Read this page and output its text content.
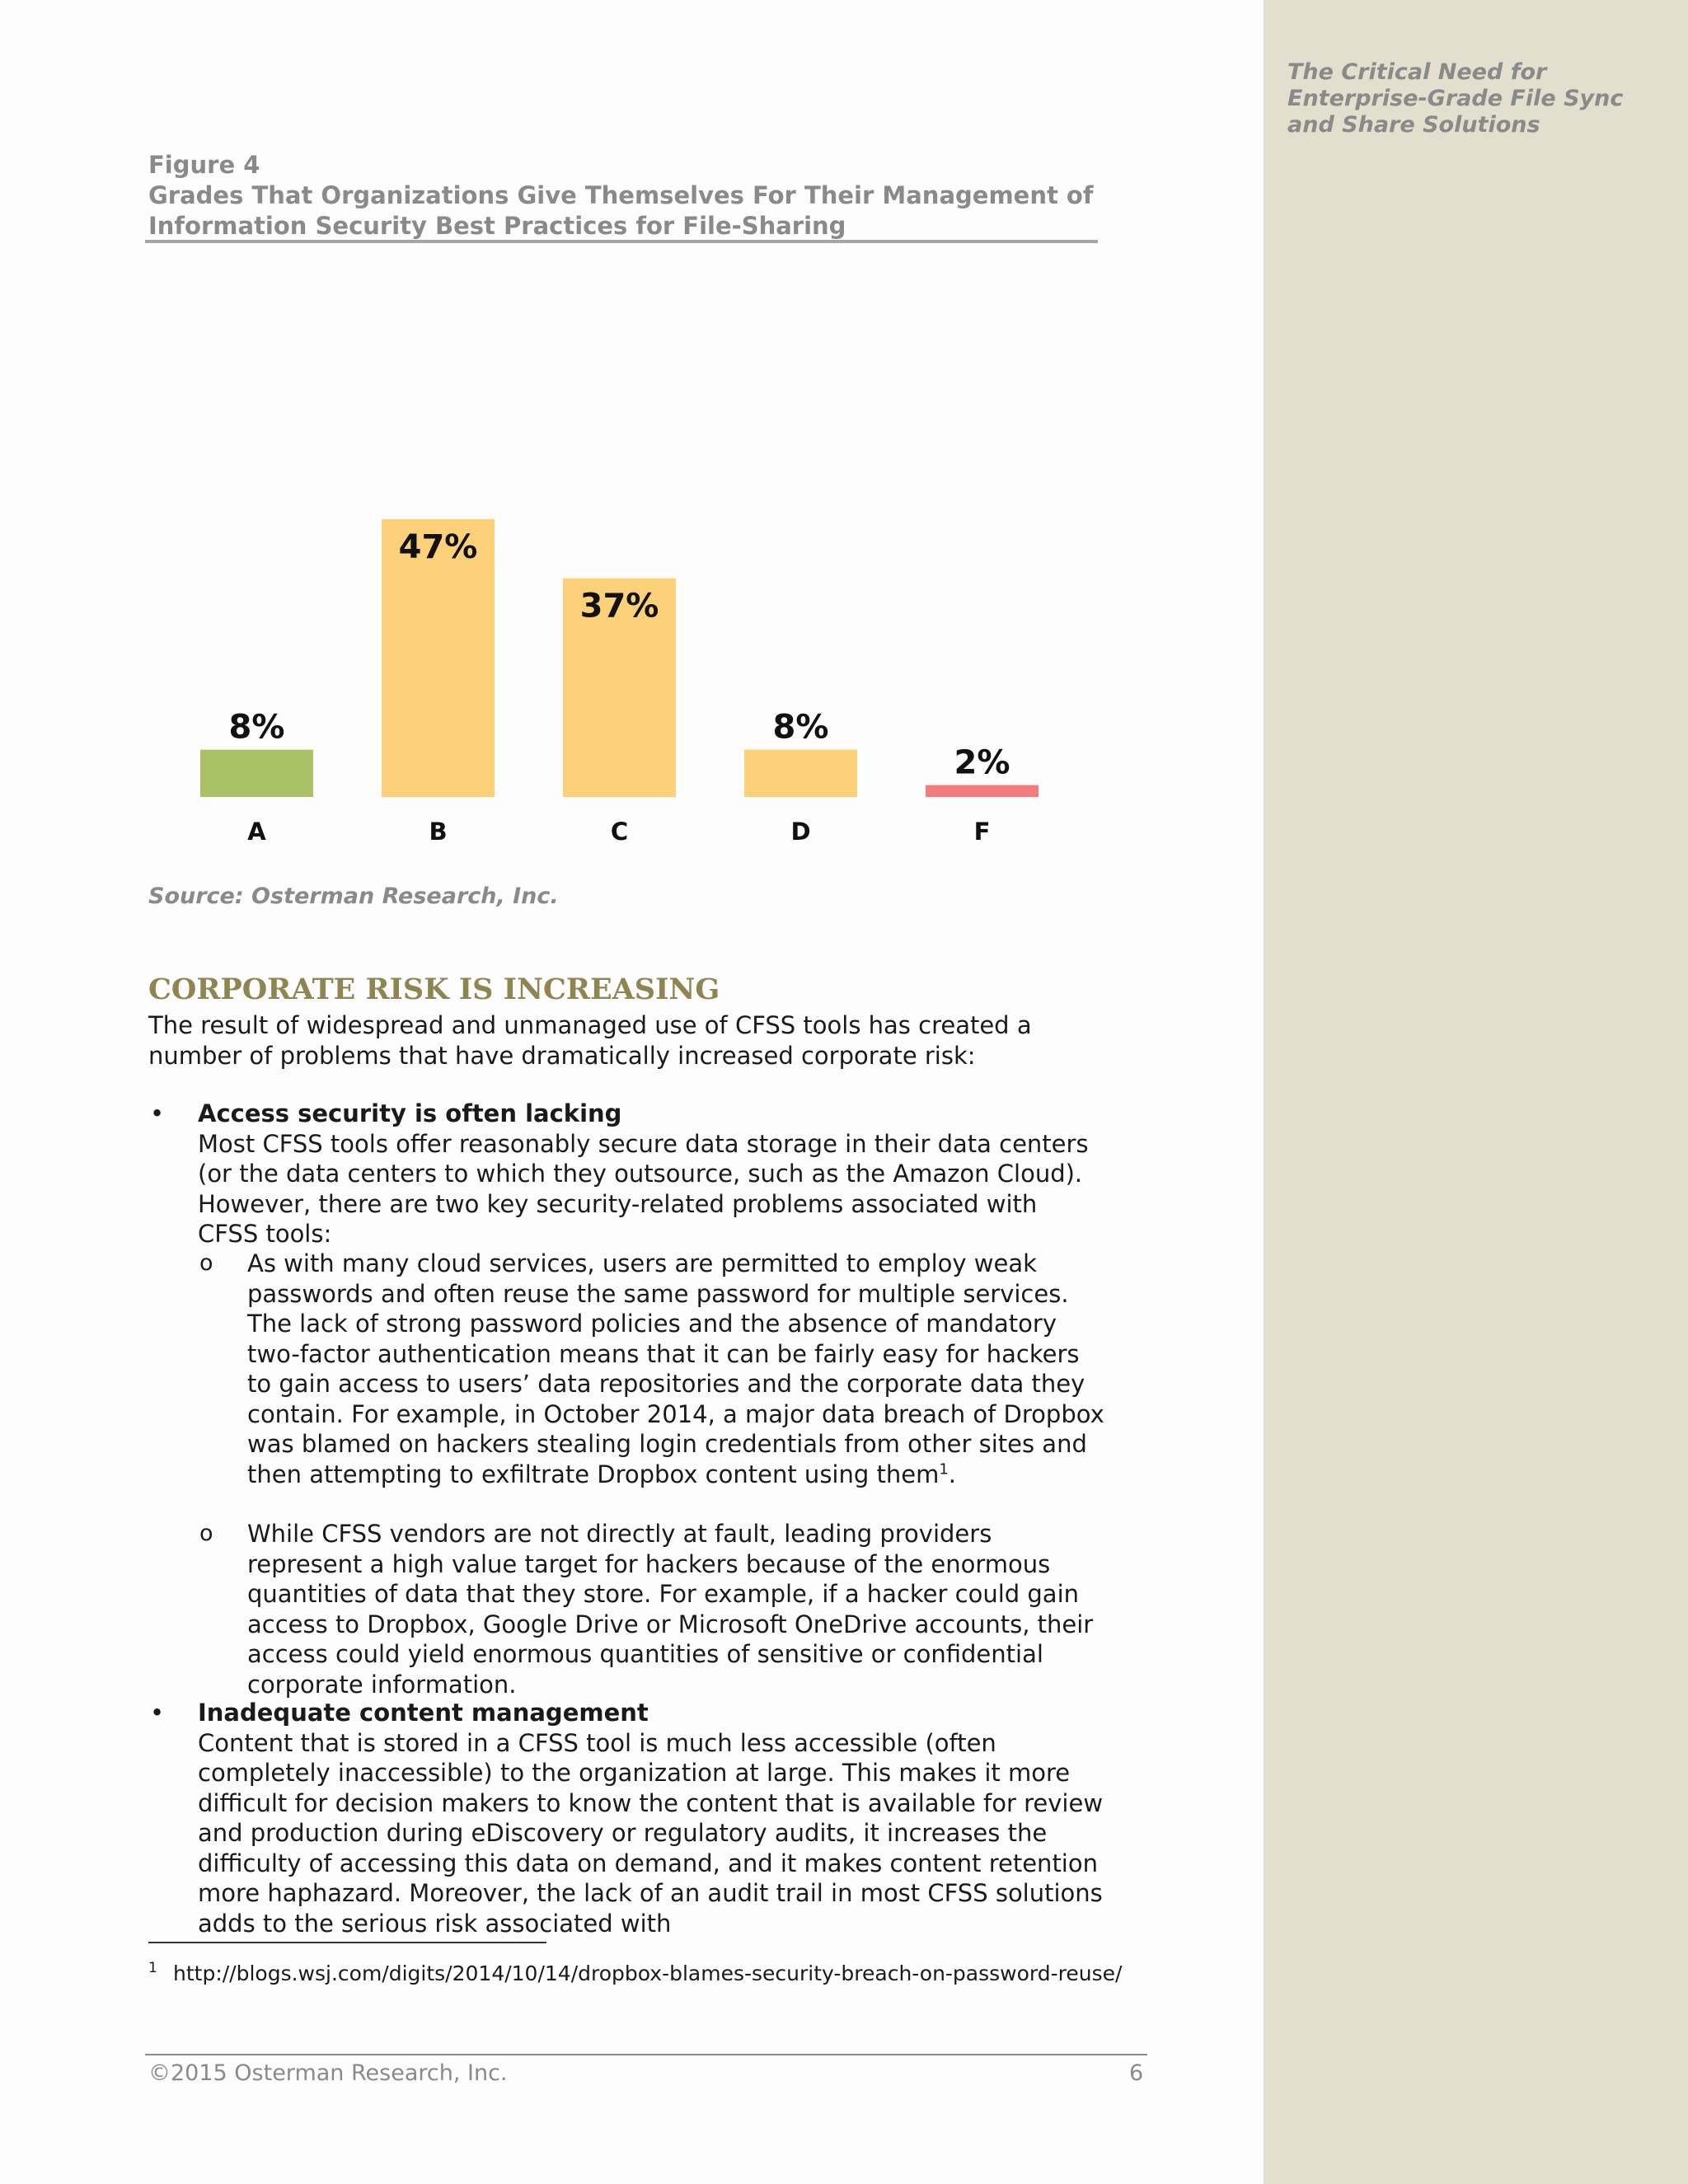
The Critical Need for Enterprise-Grade File Sync and Share Solutions
Figure 4
Grades That Organizations Give Themselves For Their Management of Information Security Best Practices for File-Sharing
8%
A
47%
B
37%
C
8%
D
2%
F
Source: Osterman Research, Inc.
CORPORATE RISK IS INCREASING
The result of widespread and unmanaged use of CFSS tools has created a number of problems that have dramatically increased corporate risk:
• Access security is often lacking
Most CFSS tools offer reasonably secure data storage in their data centers (or the data centers to which they outsource, such as the Amazon Cloud). However, there are two key security-related problems associated with CFSS tools:
o As with many cloud services, users are permitted to employ weak passwords and often reuse the same password for multiple services. The lack of strong password policies and the absence of mandatory two-factor authentication means that it can be fairly easy for hackers to gain access to users’ data repositories and the corporate data they contain. For example, in October 2014, a major data breach of Dropbox was blamed on hackers stealing login credentials from other sites and then attempting to exfiltrate Dropbox content using them$^1$.
o While CFSS vendors are not directly at fault, leading providers represent a high value target for hackers because of the enormous quantities of data that they store. For example, if a hacker could gain access to Dropbox, Google Drive or Microsoft OneDrive accounts, their access could yield enormous quantities of sensitive or confidential corporate information.
• Inadequate content management
Content that is stored in a CFSS tool is much less accessible (often completely inaccessible) to the organization at large. This makes it more difficult for decision makers to know the content that is available for review and production during eDiscovery or regulatory audits, it increases the difficulty of accessing this data on demand, and it makes content retention more haphazard. Moreover, the lack of an audit trail in most CFSS solutions adds to the serious risk associated with
1 http://blogs.wsj.com/digits/2014/10/14/dropbox-blames-security-breach-on-password-reuse/
©2015 Osterman Research, Inc.	6
